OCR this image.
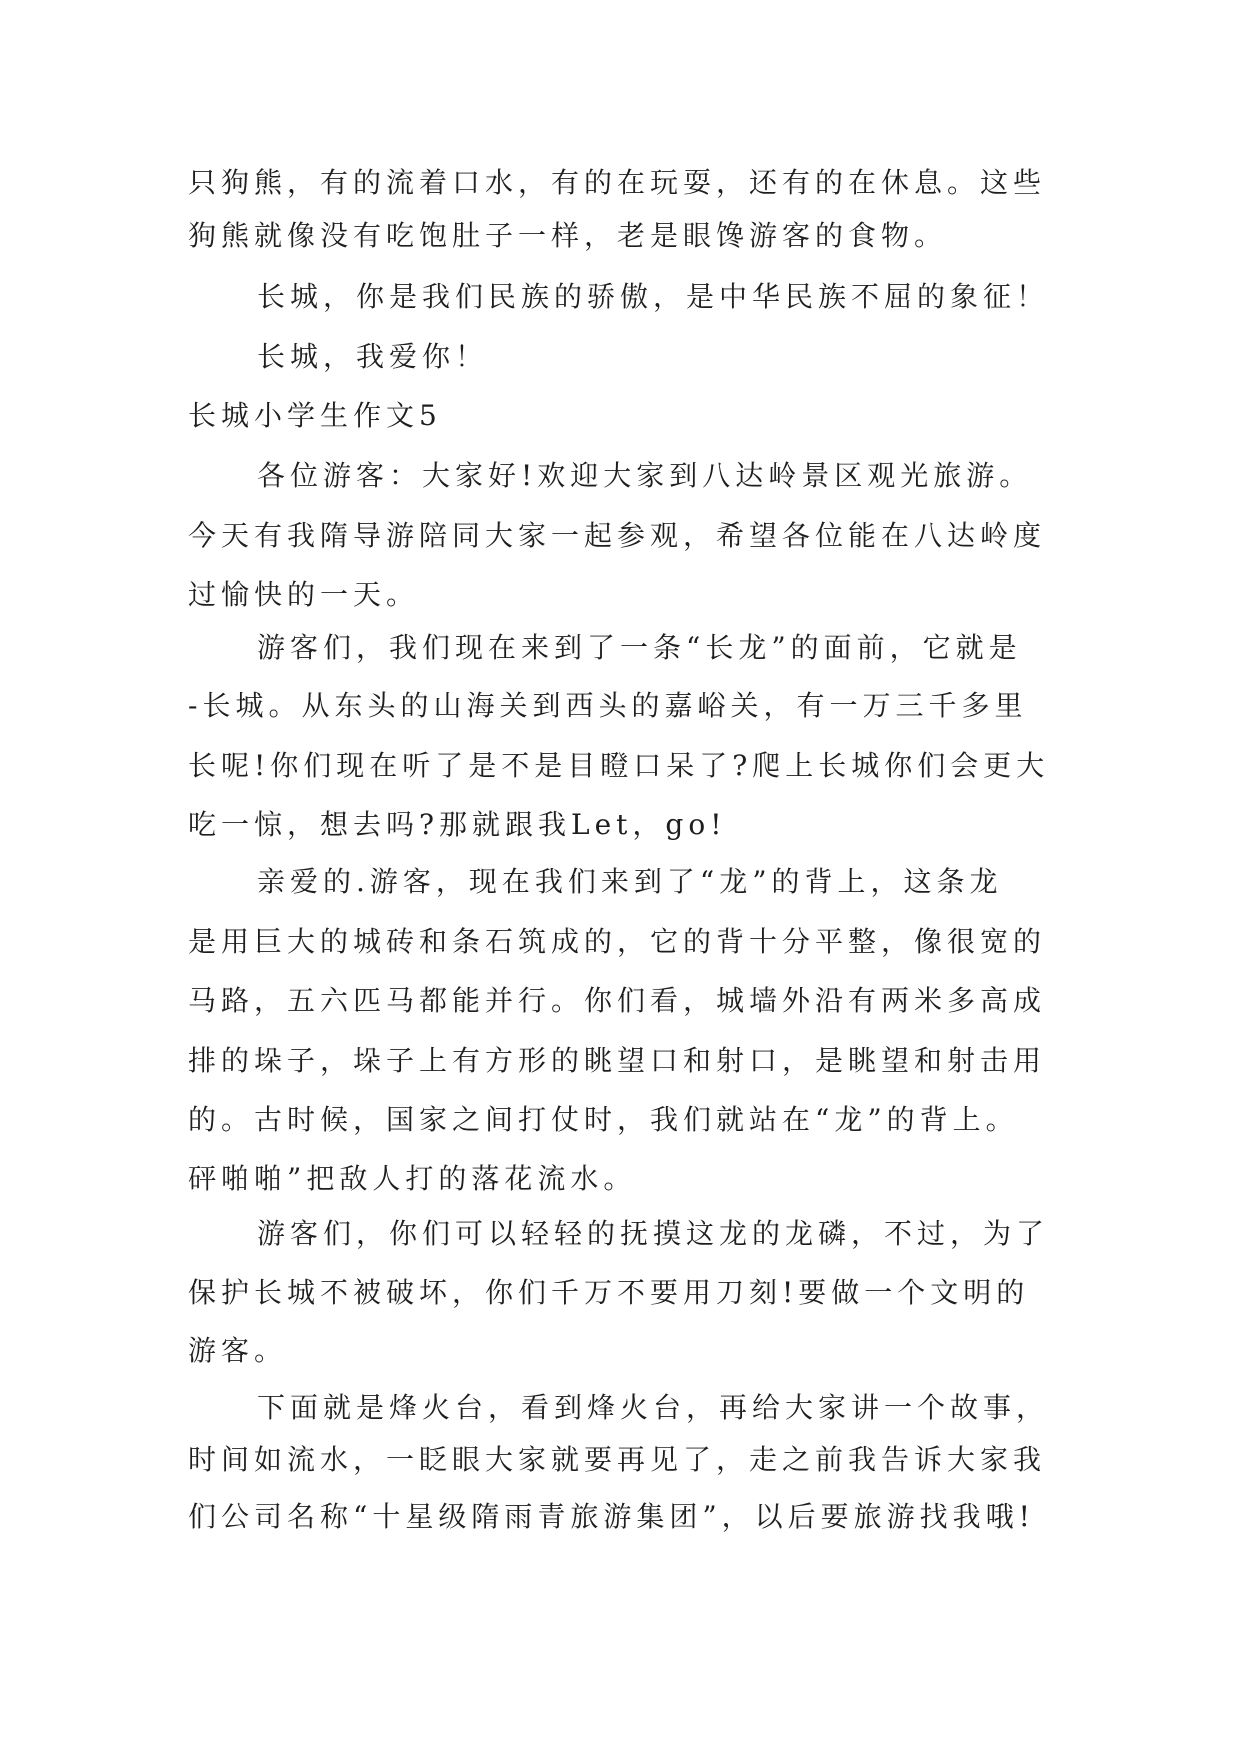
只狗熊，有的流着口水，有的在玩耍，还有的在休息。这些
狗熊就像没有吃饱肚子一样，老是眼馋游客的食物。
长城，你是我们民族的骄傲，是中华民族不屈的象征！
长城，我爱你！
长城小学生作文5
各位游客：大家好!欢迎大家到八达岭景区观光旅游。
今天有我隋导游陪同大家一起参观，希望各位能在八达岭度
过愉快的一天。
游客们，我们现在来到了一条“长龙”的面前，它就是
-长城。从东头的山海关到西头的嘉峪关，有一万三千多里
长呢!你们现在听了是不是目瞪口呆了?爬上长城你们会更大
吃一惊，想去吗?那就跟我Let，go!
亲爱的.游客，现在我们来到了“龙”的背上，这条龙
是用巨大的城砖和条石筑成的，它的背十分平整，像很宽的
马路，五六匹马都能并行。你们看，城墙外沿有两米多高成
排的垛子，垛子上有方形的眺望口和射口，是眺望和射击用
的。古时候，国家之间打仗时，我们就站在“龙”的背上。
砰啪啪”把敌人打的落花流水。
游客们，你们可以轻轻的抚摸这龙的龙磷，不过，为了
保护长城不被破坏，你们千万不要用刀刻!要做一个文明的
游客。
下面就是烽火台，看到烽火台，再给大家讲一个故事，
时间如流水，一眨眼大家就要再见了，走之前我告诉大家我
们公司名称“十星级隋雨青旅游集团”，以后要旅游找我哦!
